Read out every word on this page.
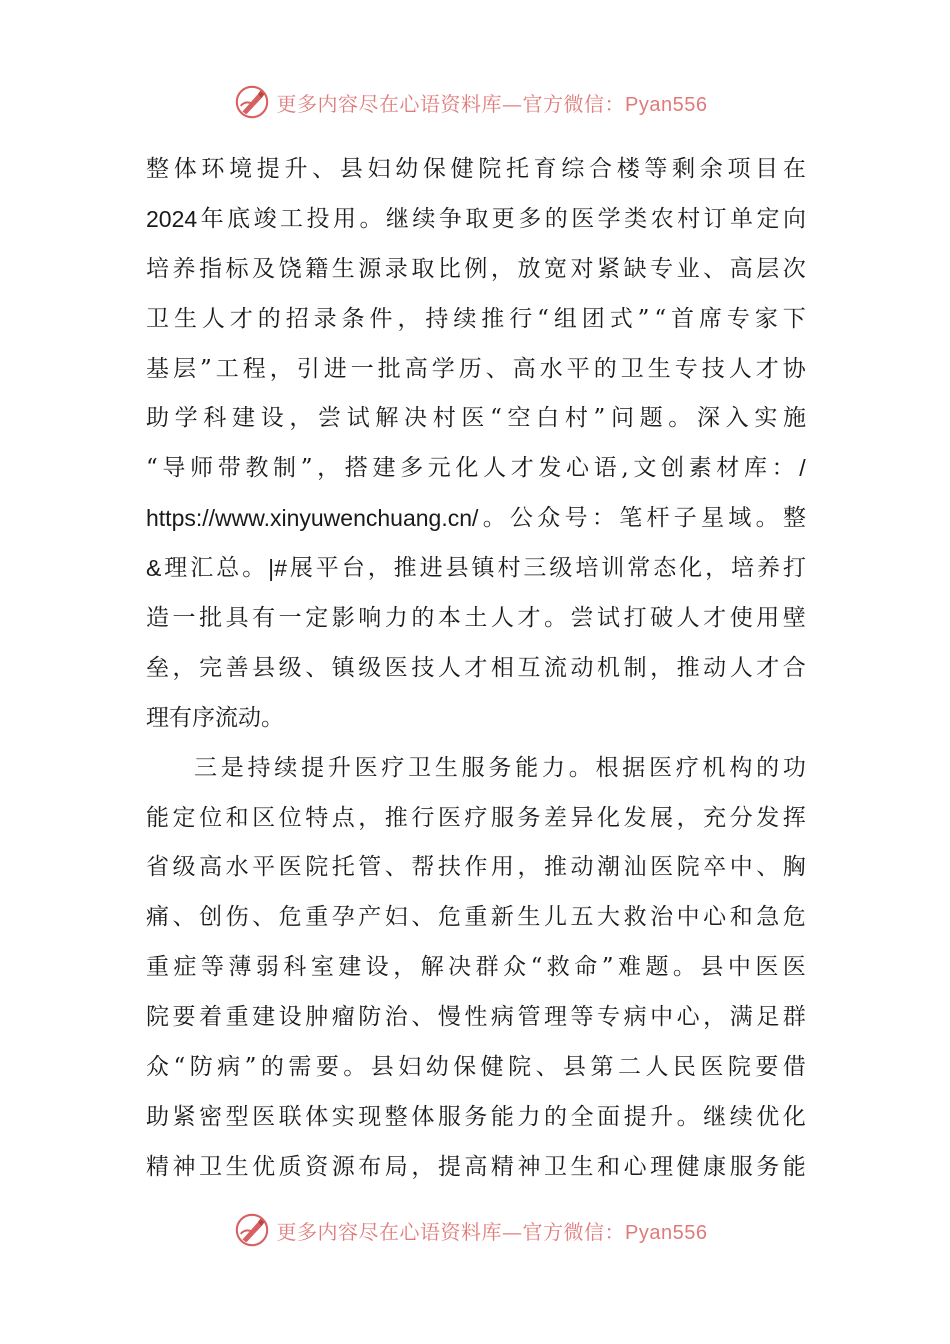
更多内容尽在心语资料库—官方微信：Pyan556
整 体 环 境 提 升 、 县 妇 幼 保 健 院 托 育 综 合 楼 等 剩 余 项 目 在
2024 年 底 竣 工 投 用 。 继 续 争 取 更 多 的 医 学 类 农 村 订 单 定 向
培 养 指 标 及 饶 籍 生 源 录 取 比 例 ， 放 宽 对 紧 缺 专 业 、 高 层 次
卫 生 人 才 的 招 录 条 件 ， 持 续 推 行 “ 组 团 式 ” “ 首 席 专 家 下
基 层 ” 工 程 ， 引 进 一 批 高 学 历 、 高 水 平 的 卫 生 专 技 人 才 协
助 学 科 建 设 ， 尝 试 解 决 村 医 “ 空 白 村 ” 问 题 。 深 入 实 施
“ 导 师 带 教 制 ” ， 搭 建 多 元 化 人 才 发 心 语 , 文 创 素 材 库 ： /
https://www.xinyuwenchuang.cn/ 。 公 众 号 ： 笔 杆 子 星 域 。 整
& 理 汇 总 。 |# 展 平 台 ， 推 进 县 镇 村 三 级 培 训 常 态 化 ， 培 养 打
造 一 批 具 有 一 定 影 响 力 的 本 土 人 才 。 尝 试 打 破 人 才 使 用 壁
垒 ， 完 善 县 级 、 镇 级 医 技 人 才 相 互 流 动 机 制 ， 推 动 人 才 合
理 有 序 流 动 。
三 是 持 续 提 升 医 疗 卫 生 服 务 能 力 。 根 据 医 疗 机 构 的 功
能 定 位 和 区 位 特 点 ， 推 行 医 疗 服 务 差 异 化 发 展 ， 充 分 发 挥
省 级 高 水 平 医 院 托 管 、 帮 扶 作 用 ， 推 动 潮 汕 医 院 卒 中 、 胸
痛 、 创 伤 、 危 重 孕 产 妇 、 危 重 新 生 儿 五 大 救 治 中 心 和 急 危
重 症 等 薄 弱 科 室 建 设 ， 解 决 群 众 “ 救 命 ” 难 题 。 县 中 医 医
院 要 着 重 建 设 肿 瘤 防 治 、 慢 性 病 管 理 等 专 病 中 心 ， 满 足 群
众 “ 防 病 ” 的 需 要 。 县 妇 幼 保 健 院 、 县 第 二 人 民 医 院 要 借
助 紧 密 型 医 联 体 实 现 整 体 服 务 能 力 的 全 面 提 升 。 继 续 优 化
精 神 卫 生 优 质 资 源 布 局 ， 提 高 精 神 卫 生 和 心 理 健 康 服 务 能
更多内容尽在心语资料库—官方微信：Pyan556
